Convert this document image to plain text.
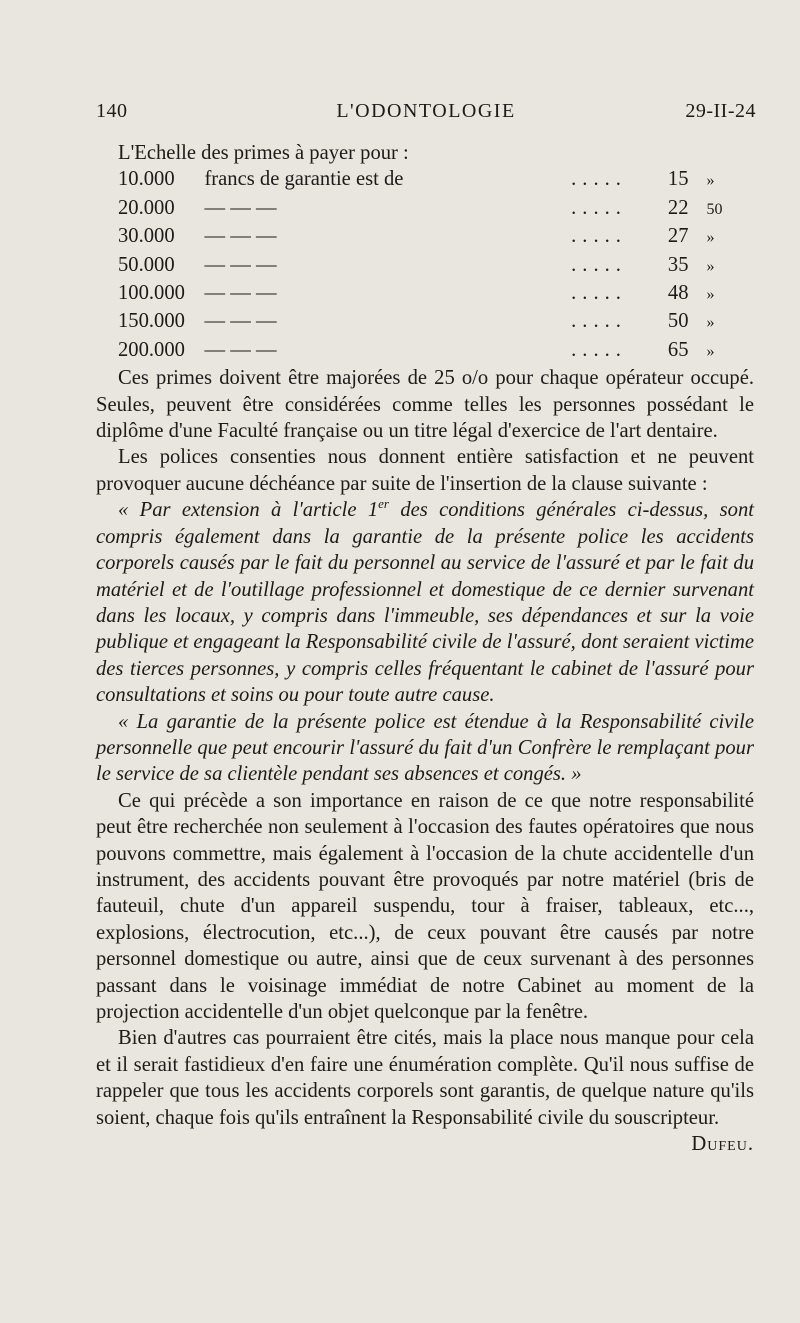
140	L'ODONTOLOGIE	29-II-24

L'Echelle des primes à payer pour :

10.000	francs de garantie est de	.....	15	»
20.000	— — —	.....	22	50
30.000	— — —	.....	27	»
50.000	— — —	.....	35	»
100.000	— — —	.....	48	»
150.000	— — —	.....	50	»
200.000	— — —	.....	65	»

Ces primes doivent être majorées de 25 o/o pour chaque opérateur occupé. Seules, peuvent être considérées comme telles les personnes possédant le diplôme d'une Faculté française ou un titre légal d'exercice de l'art dentaire.

Les polices consenties nous donnent entière satisfaction et ne peuvent provoquer aucune déchéance par suite de l'insertion de la clause suivante :

« Par extension à l'article 1er des conditions générales ci-dessus, sont compris également dans la garantie de la présente police les accidents corporels causés par le fait du personnel au service de l'assuré et par le fait du matériel et de l'outillage professionnel et domestique de ce dernier survenant dans les locaux, y compris dans l'immeuble, ses dépendances et sur la voie publique et engageant la Responsabilité civile de l'assuré, dont seraient victime des tierces personnes, y compris celles fréquentant le cabinet de l'assuré pour consultations et soins ou pour toute autre cause.

« La garantie de la présente police est étendue à la Responsabilité civile personnelle que peut encourir l'assuré du fait d'un Confrère le remplaçant pour le service de sa clientèle pendant ses absences et congés. »

Ce qui précède a son importance en raison de ce que notre responsabilité peut être recherchée non seulement à l'occasion des fautes opératoires que nous pouvons commettre, mais également à l'occasion de la chute accidentelle d'un instrument, des accidents pouvant être provoqués par notre matériel (bris de fauteuil, chute d'un appareil suspendu, tour à fraiser, tableaux, etc..., explosions, électrocution, etc...), de ceux pouvant être causés par notre personnel domestique ou autre, ainsi que de ceux survenant à des personnes passant dans le voisinage immédiat de notre Cabinet au moment de la projection accidentelle d'un objet quelconque par la fenêtre.

Bien d'autres cas pourraient être cités, mais la place nous manque pour cela et il serait fastidieux d'en faire une énumération complète. Qu'il nous suffise de rappeler que tous les accidents corporels sont garantis, de quelque nature qu'ils soient, chaque fois qu'ils entraînent la Responsabilité civile du souscripteur.
Dufeu.
